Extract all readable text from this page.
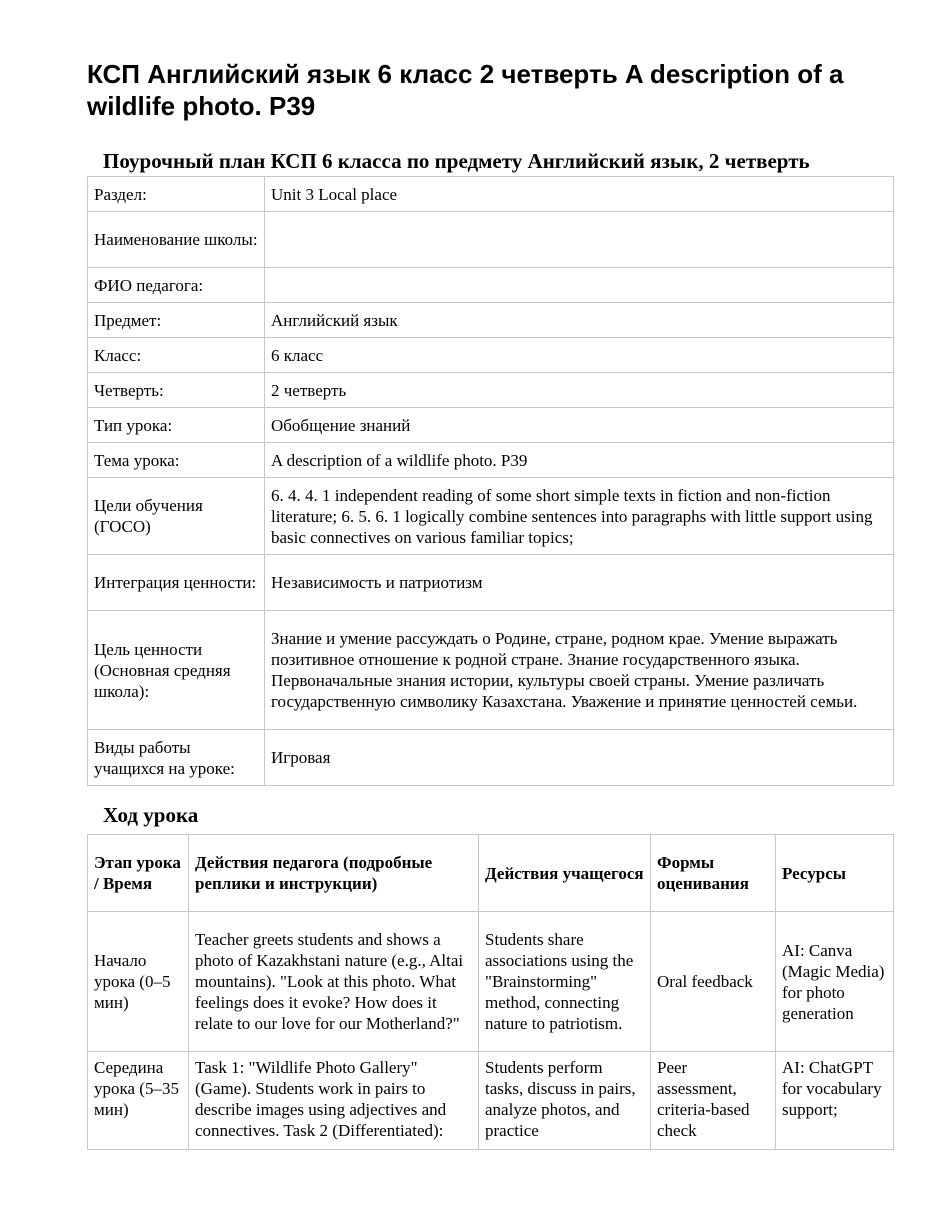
КСП Английский язык 6 класс 2 четверть A description of a wildlife photo. P39
Поурочный план КСП 6 класса по предмету Английский язык, 2 четверть
Раздел:	Unit 3 Local place
Наименование школы:	
ФИО педагога:	
Предмет:	Английский язык
Класс:	6 класс
Четверть:	2 четверть
Тип урока:	Обобщение знаний
Тема урока:	A description of a wildlife photo. P39
Цели обучения (ГОСО)	6. 4. 4. 1 independent reading of some short simple texts in fiction and non-fiction literature; 6. 5. 6. 1 logically combine sentences into paragraphs with little support using basic connectives on various familiar topics;
Интеграция ценности:	Независимость и патриотизм
Цель ценности (Основная средняя школа):	Знание и умение рассуждать о Родине, стране, родном крае. Умение выражать позитивное отношение к родной стране. Знание государственного языка. Первоначальные знания истории, культуры своей страны. Умение различать государственную символику Казахстана. Уважение и принятие ценностей семьи.
Виды работы учащихся на уроке:	Игровая
Ход урока
Этап урока / Время	Действия педагога (подробные реплики и инструкции)	Действия учащегося	Формы оценивания	Ресурсы
Начало урока (0–5 мин)	Teacher greets students and shows a photo of Kazakhstani nature (e.g., Altai mountains). "Look at this photo. What feelings does it evoke? How does it relate to our love for our Motherland?"	Students share associations using the "Brainstorming" method, connecting nature to patriotism.	Oral feedback	AI: Canva (Magic Media) for photo generation
Середина урока (5–35 мин)	Task 1: "Wildlife Photo Gallery" (Game). Students work in pairs to describe images using adjectives and connectives. Task 2 (Differentiated):	Students perform tasks, discuss in pairs, analyze photos, and practice	Peer assessment, criteria-based check	AI: ChatGPT for vocabulary support;
